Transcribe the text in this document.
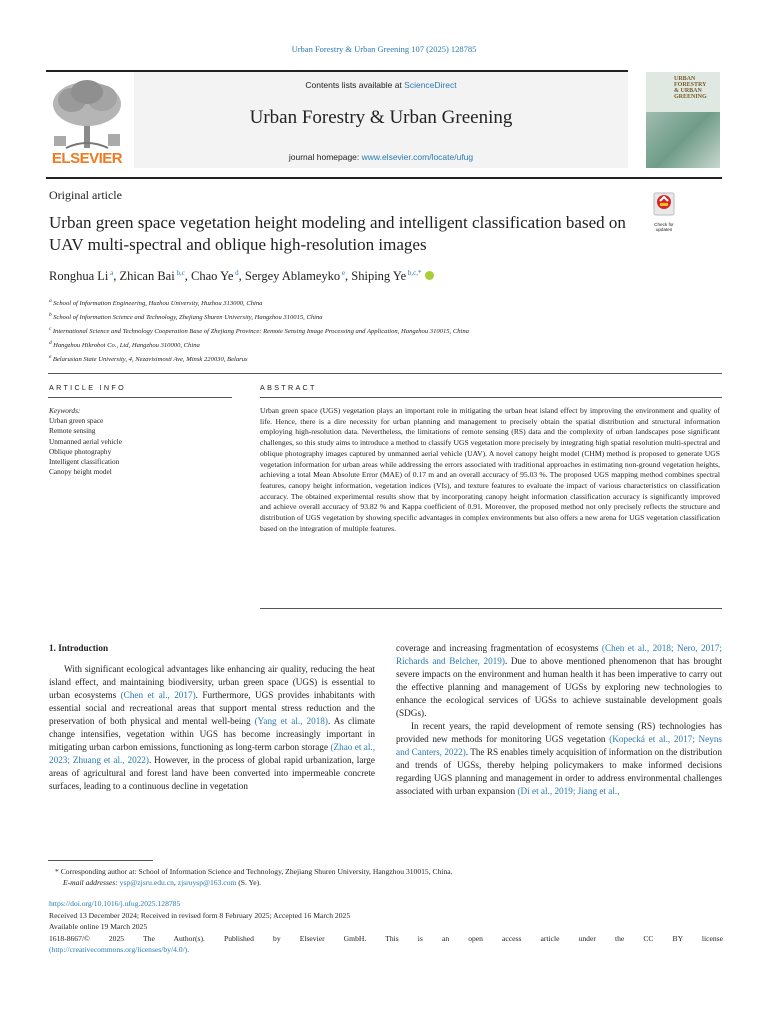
Urban Forestry & Urban Greening 107 (2025) 128785
ELSEVIER
Contents lists available at ScienceDirect
Urban Forestry & Urban Greening
journal homepage: www.elsevier.com/locate/ufug
URBAN
FORESTRY
& URBAN
GREENING
Original article
Urban green space vegetation height modeling and intelligent classification based on UAV multi-spectral and oblique high-resolution images
Check for updates
Ronghua Li $^a$, Zhican Bai $^{b,c}$, Chao Ye $^d$, Sergey Ablameyko $^e$, Shiping Ye $^{b,c,*}$
$^a$ School of Information Engineering, Huzhou University, Huzhou 313000, China
$^b$ School of Information Science and Technology, Zhejiang Shuren University, Hangzhou 310015, China
$^c$ International Science and Technology Cooperation Base of Zhejiang Province: Remote Sensing Image Processing and Application, Hangzhou 310015, China
$^d$ Hangzhou Hikrobot Co., Ltd, Hangzhou 310000, China
$^e$ Belarusian State University, 4, Nezavisimosti Ave, Minsk 220030, Belarus
ARTICLE INFO	ABSTRACT
Keywords:
Urban green space
Remote sensing
Unmanned aerial vehicle
Oblique photography
Intelligent classification
Canopy height model
Urban green space (UGS) vegetation plays an important role in mitigating the urban heat island effect by improving the environment and quality of life. Hence, there is a dire necessity for urban planning and management to precisely obtain the spatial distribution and structural information employing high-resolution data. Nevertheless, the limitations of remote sensing (RS) data and the complexity of urban landscapes pose significant challenges, so this study aims to introduce a method to classify UGS vegetation more precisely by integrating high spatial resolution multi-spectral and oblique photography images captured by unmanned aerial vehicle (UAV). A novel canopy height model (CHM) method is proposed to generate UGS vegetation information for urban areas while addressing the errors associated with traditional approaches in estimating non-ground vegetation heights, achieving a total Mean Absolute Error (MAE) of 0.17 m and an overall accuracy of 95.03 %. The proposed UGS mapping method combines spectral features, canopy height information, vegetation indices (VIs), and texture features to evaluate the impact of various characteristics on classification accuracy. The obtained experimental results show that by incorporating canopy height information classification accuracy is significantly improved and achieve overall accuracy of 93.82 % and Kappa coefficient of 0.91. Moreover, the proposed method not only precisely reflects the structure and distribution of UGS vegetation by showing specific advantages in complex environments but also offers a new arena for UGS vegetation classification based on the integration of multiple features.
1. Introduction

With significant ecological advantages like enhancing air quality, reducing the heat island effect, and maintaining biodiversity, urban green space (UGS) is essential to urban ecosystems (Chen et al., 2017). Furthermore, UGS provides inhabitants with essential social and recreational areas that support mental stress reduction and the preservation of both physical and mental well-being (Yang et al., 2018). As climate change intensifies, vegetation within UGS has become increasingly important in mitigating urban carbon emissions, functioning as long-term carbon storage (Zhao et al., 2023; Zhuang et al., 2022). However, in the process of global rapid urbanization, large areas of agricultural and forest land have been converted into impermeable concrete surfaces, leading to a continuous decline in vegetation

coverage and increasing fragmentation of ecosystems (Chen et al., 2018; Nero, 2017; Richards and Belcher, 2019). Due to above mentioned phenomenon that has brought severe impacts on the environment and human health it has been imperative to carry out the effective planning and management of UGSs by exploring new technologies to enhance the ecological services of UGSs to achieve sustainable development goals (SDGs).

In recent years, the rapid development of remote sensing (RS) technologies has provided new methods for monitoring UGS vegetation (Kopecká et al., 2017; Neyns and Canters, 2022). The RS enables timely acquisition of information on the distribution and trends of UGSs, thereby helping policymakers to make informed decisions regarding UGS planning and management in order to address environmental challenges associated with urban expansion (Di et al., 2019; Jiang et al.,

* Corresponding author at: School of Information Science and Technology, Zhejiang Shuren University, Hangzhou 310015, China.
E-mail addresses: ysp@zjsru.edu.cn, zjsruysp@163.com (S. Ye).
https://doi.org/10.1016/j.ufug.2025.128785
Received 13 December 2024; Received in revised form 8 February 2025; Accepted 16 March 2025
Available online 19 March 2025
1618-8667/© 2025 The Author(s). Published by Elsevier GmbH. This is an open access article under the CC BY license
(http://creativecommons.org/licenses/by/4.0/).
